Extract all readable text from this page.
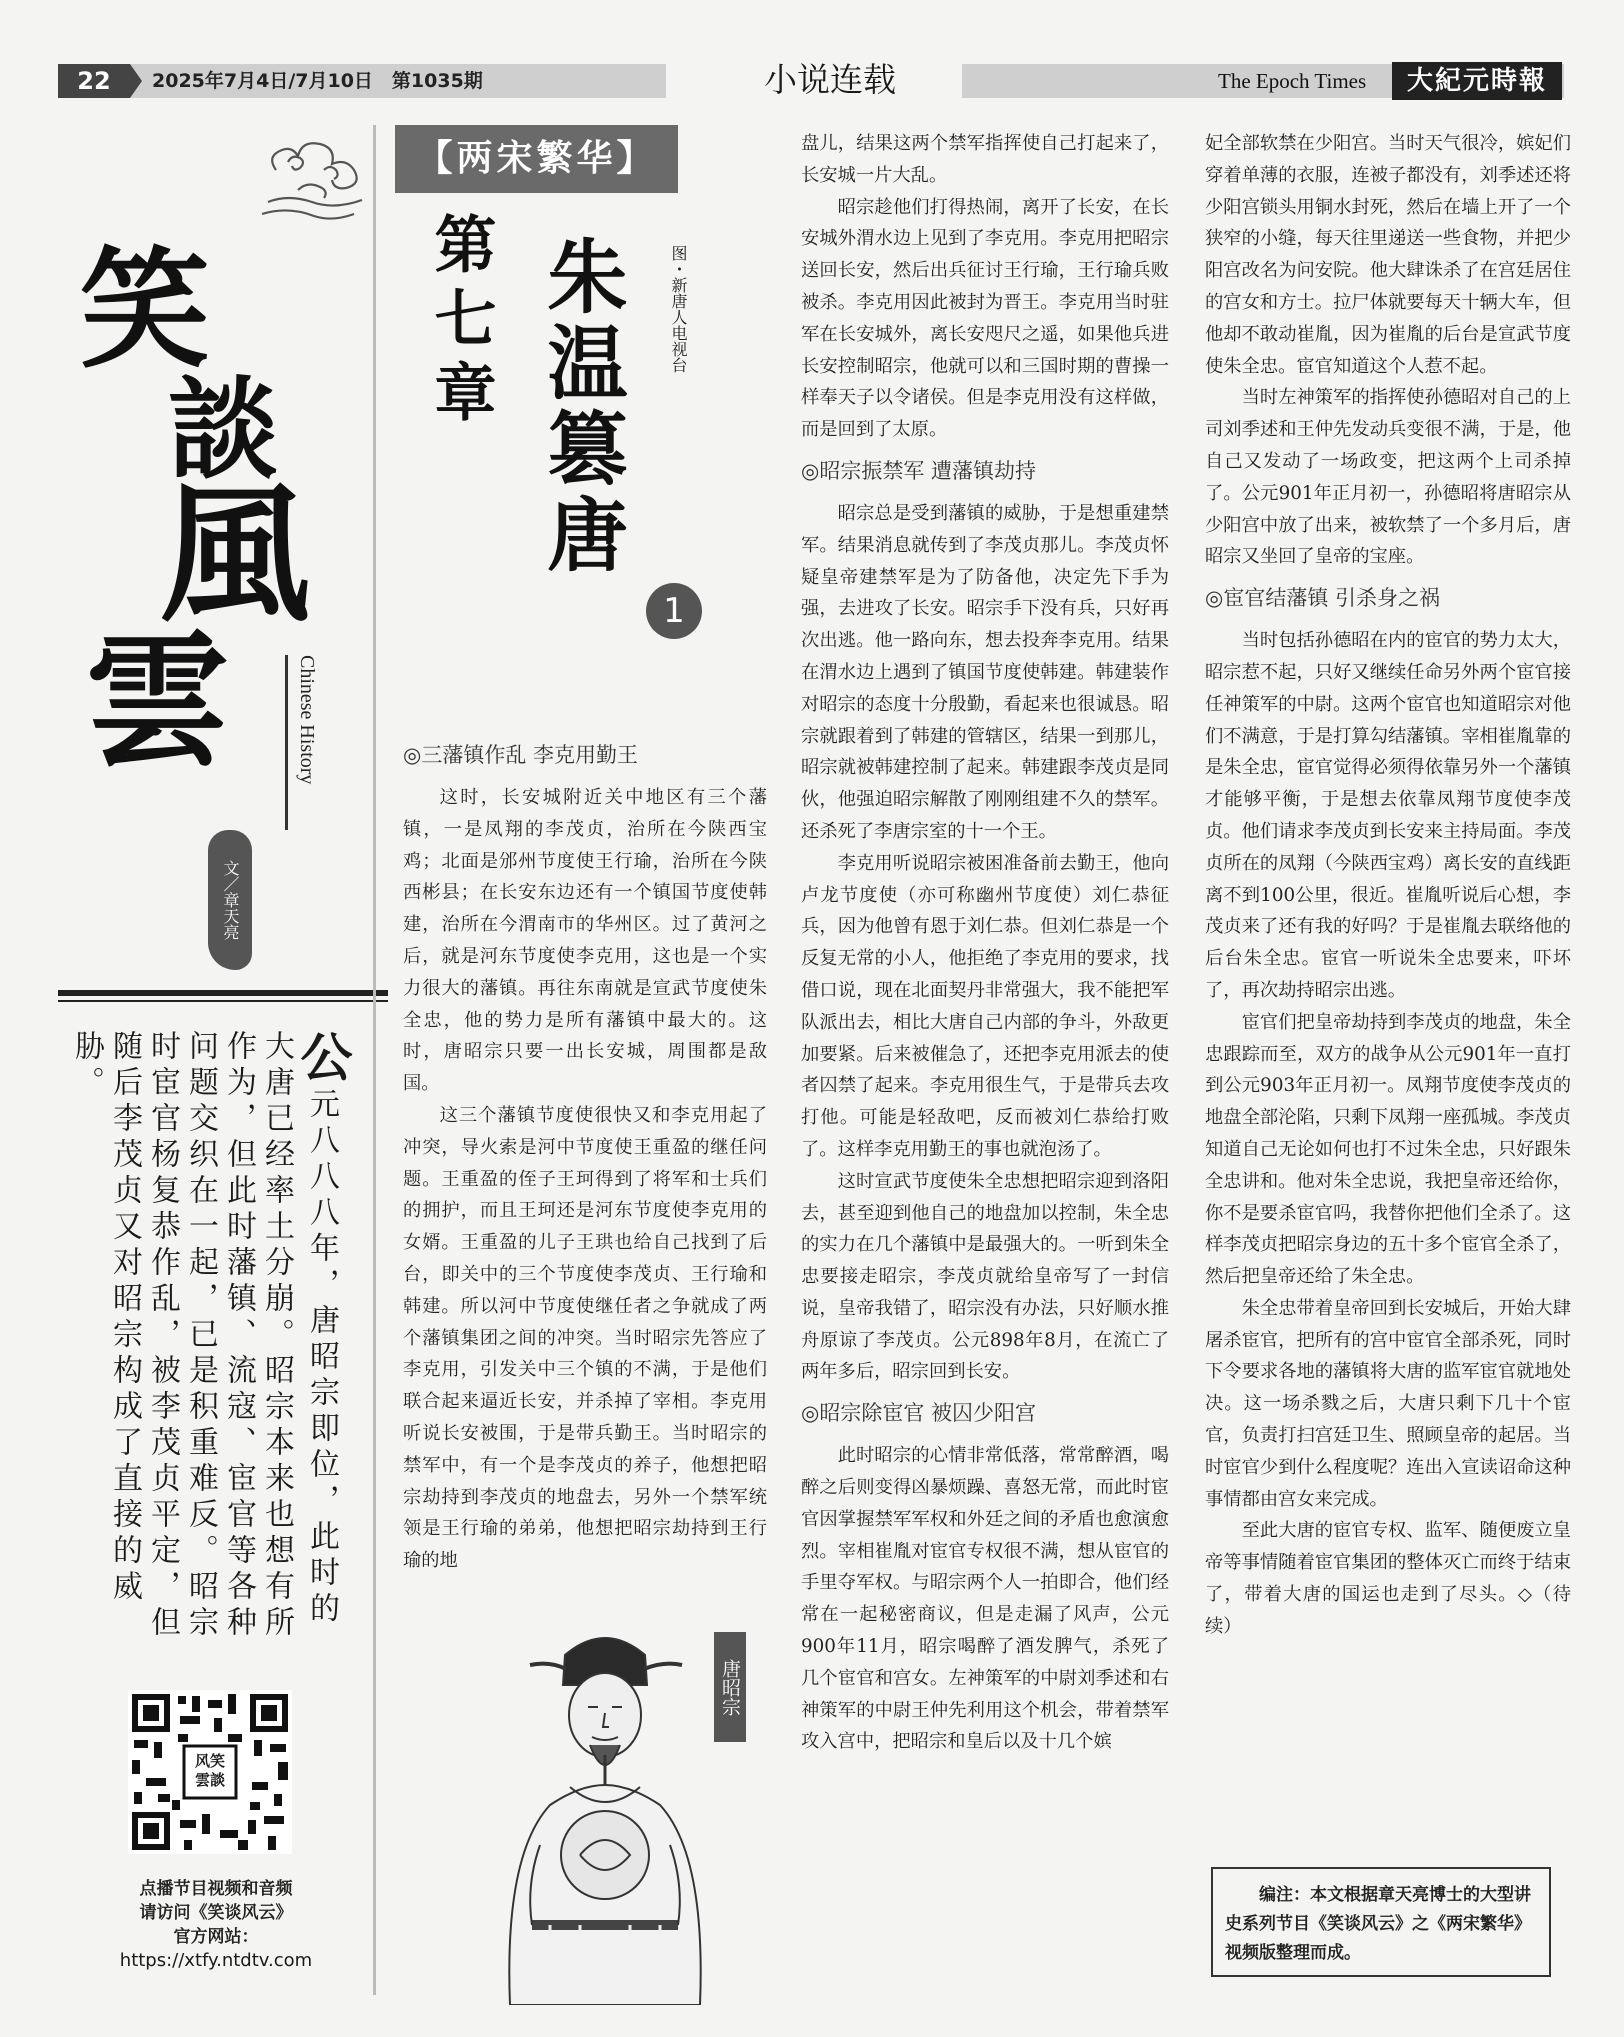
22	2025年7月4日/7月10日　第1035期	小说连载	The Epoch Times	大紀元時報
笑
談
風
雲	Chinese History
文／章天亮
公元八八八年，唐昭宗即位，此时的大唐已经率土分崩。昭宗本来也想有所作为，但此时藩镇、流寇、宦官等各种问题交织在一起，已是积重难反。昭宗时宦官杨复恭作乱，被李茂贞平定，但随后李茂贞又对昭宗构成了直接的威胁。
风笑雲談
点播节目视频和音频
请访问《笑谈风云》
官方网站：
https://xtfy.ntdtv.com
【两宋繁华】
第七章 朱温篡唐	图・新唐人电视台
1
◎三藩镇作乱 李克用勤王

这时，长安城附近关中地区有三个藩镇，一是凤翔的李茂贞，治所在今陕西宝鸡；北面是邠州节度使王行瑜，治所在今陕西彬县；在长安东边还有一个镇国节度使韩建，治所在今渭南市的华州区。过了黄河之后，就是河东节度使李克用，这也是一个实力很大的藩镇。再往东南就是宣武节度使朱全忠，他的势力是所有藩镇中最大的。这时，唐昭宗只要一出长安城，周围都是敌国。

这三个藩镇节度使很快又和李克用起了冲突，导火索是河中节度使王重盈的继任问题。王重盈的侄子王珂得到了将军和士兵们的拥护，而且王珂还是河东节度使李克用的女婿。王重盈的儿子王珙也给自己找到了后台，即关中的三个节度使李茂贞、王行瑜和韩建。所以河中节度使继任者之争就成了两个藩镇集团之间的冲突。当时昭宗先答应了李克用，引发关中三个镇的不满，于是他们联合起来逼近长安，并杀掉了宰相。李克用听说长安被围，于是带兵勤王。当时昭宗的禁军中，有一个是李茂贞的养子，他想把昭宗劫持到李茂贞的地盘去，另外一个禁军统领是王行瑜的弟弟，他想把昭宗劫持到王行瑜的地

盘儿，结果这两个禁军指挥使自己打起来了，长安城一片大乱。

昭宗趁他们打得热闹，离开了长安，在长安城外渭水边上见到了李克用。李克用把昭宗送回长安，然后出兵征讨王行瑜，王行瑜兵败被杀。李克用因此被封为晋王。李克用当时驻军在长安城外，离长安咫尺之遥，如果他兵进长安控制昭宗，他就可以和三国时期的曹操一样奉天子以令诸侯。但是李克用没有这样做，而是回到了太原。

◎昭宗振禁军 遭藩镇劫持

昭宗总是受到藩镇的威胁，于是想重建禁军。结果消息就传到了李茂贞那儿。李茂贞怀疑皇帝建禁军是为了防备他，决定先下手为强，去进攻了长安。昭宗手下没有兵，只好再次出逃。他一路向东，想去投奔李克用。结果在渭水边上遇到了镇国节度使韩建。韩建装作对昭宗的态度十分殷勤，看起来也很诚恳。昭宗就跟着到了韩建的管辖区，结果一到那儿，昭宗就被韩建控制了起来。韩建跟李茂贞是同伙，他强迫昭宗解散了刚刚组建不久的禁军。还杀死了李唐宗室的十一个王。

李克用听说昭宗被困准备前去勤王，他向卢龙节度使（亦可称幽州节度使）刘仁恭征兵，因为他曾有恩于刘仁恭。但刘仁恭是一个反复无常的小人，他拒绝了李克用的要求，找借口说，现在北面契丹非常强大，我不能把军队派出去，相比大唐自己内部的争斗，外敌更加要紧。后来被催急了，还把李克用派去的使者囚禁了起来。李克用很生气，于是带兵去攻打他。可能是轻敌吧，反而被刘仁恭给打败了。这样李克用勤王的事也就泡汤了。

这时宣武节度使朱全忠想把昭宗迎到洛阳去，甚至迎到他自己的地盘加以控制，朱全忠的实力在几个藩镇中是最强大的。一听到朱全忠要接走昭宗，李茂贞就给皇帝写了一封信说，皇帝我错了，昭宗没有办法，只好顺水推舟原谅了李茂贞。公元898年8月，在流亡了两年多后，昭宗回到长安。

◎昭宗除宦官 被囚少阳宫

此时昭宗的心情非常低落，常常醉酒，喝醉之后则变得凶暴烦躁、喜怒无常，而此时宦官因掌握禁军军权和外廷之间的矛盾也愈演愈烈。宰相崔胤对宦官专权很不满，想从宦官的手里夺军权。与昭宗两个人一拍即合，他们经常在一起秘密商议，但是走漏了风声，公元900年11月，昭宗喝醉了酒发脾气，杀死了几个宦官和宫女。左神策军的中尉刘季述和右神策军的中尉王仲先利用这个机会，带着禁军攻入宫中，把昭宗和皇后以及十几个嫔

妃全部软禁在少阳宫。当时天气很冷，嫔妃们穿着单薄的衣服，连被子都没有，刘季述还将少阳宫锁头用铜水封死，然后在墙上开了一个狭窄的小缝，每天往里递送一些食物，并把少阳宫改名为问安院。他大肆诛杀了在宫廷居住的宫女和方士。拉尸体就要每天十辆大车，但他却不敢动崔胤，因为崔胤的后台是宣武节度使朱全忠。宦官知道这个人惹不起。

当时左神策军的指挥使孙德昭对自己的上司刘季述和王仲先发动兵变很不满，于是，他自己又发动了一场政变，把这两个上司杀掉了。公元901年正月初一，孙德昭将唐昭宗从少阳宫中放了出来，被软禁了一个多月后，唐昭宗又坐回了皇帝的宝座。

◎宦官结藩镇 引杀身之祸

当时包括孙德昭在内的宦官的势力太大，昭宗惹不起，只好又继续任命另外两个宦官接任神策军的中尉。这两个宦官也知道昭宗对他们不满意，于是打算勾结藩镇。宰相崔胤靠的是朱全忠，宦官觉得必须得依靠另外一个藩镇才能够平衡，于是想去依靠凤翔节度使李茂贞。他们请求李茂贞到长安来主持局面。李茂贞所在的凤翔（今陕西宝鸡）离长安的直线距离不到100公里，很近。崔胤听说后心想，李茂贞来了还有我的好吗？于是崔胤去联络他的后台朱全忠。宦官一听说朱全忠要来，吓坏了，再次劫持昭宗出逃。

宦官们把皇帝劫持到李茂贞的地盘，朱全忠跟踪而至，双方的战争从公元901年一直打到公元903年正月初一。凤翔节度使李茂贞的地盘全部沦陷，只剩下凤翔一座孤城。李茂贞知道自己无论如何也打不过朱全忠，只好跟朱全忠讲和。他对朱全忠说，我把皇帝还给你，你不是要杀宦官吗，我替你把他们全杀了。这样李茂贞把昭宗身边的五十多个宦官全杀了，然后把皇帝还给了朱全忠。

朱全忠带着皇帝回到长安城后，开始大肆屠杀宦官，把所有的宫中宦官全部杀死，同时下令要求各地的藩镇将大唐的监军宦官就地处决。这一场杀戮之后，大唐只剩下几十个宦官，负责打扫宫廷卫生、照顾皇帝的起居。当时宦官少到什么程度呢？连出入宣读诏命这种事情都由宫女来完成。

至此大唐的宦官专权、监军、随便废立皇帝等事情随着宦官集团的整体灭亡而终于结束了，带着大唐的国运也走到了尽头。◇（待续）

唐昭宗
编注：本文根据章天亮博士的大型讲史系列节目《笑谈风云》之《两宋繁华》视频版整理而成。
